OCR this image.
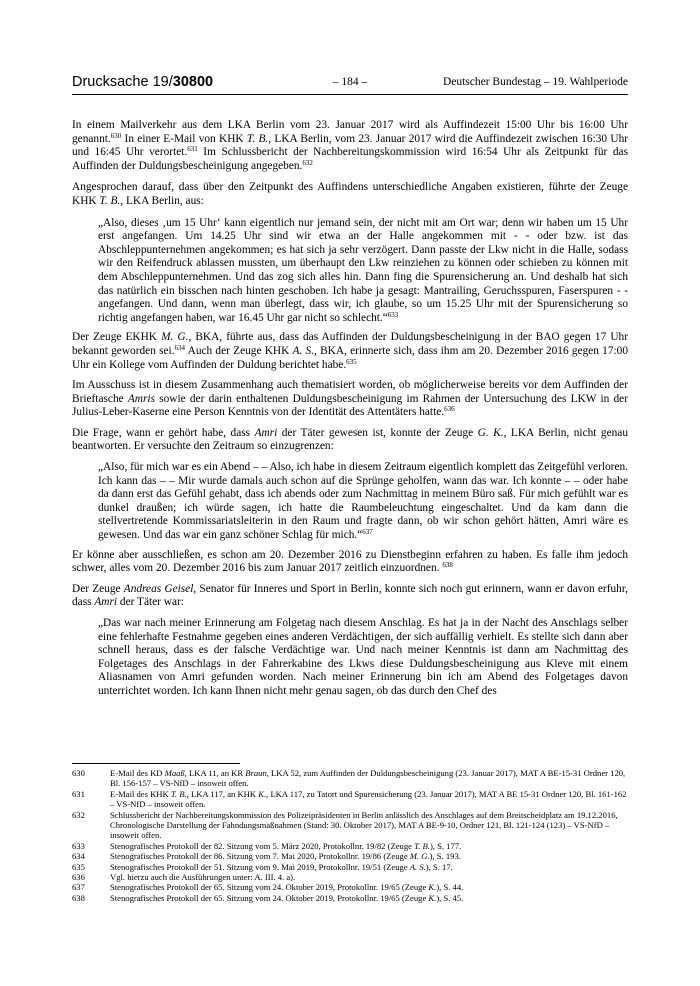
Drucksache 19/30800	– 184 –	Deutscher Bundestag – 19. Wahlperiode

In einem Mailverkehr aus dem LKA Berlin vom 23. Januar 2017 wird als Auffindezeit 15:00 Uhr bis 16:00 Uhr genannt.$^{630}$ In einer E-Mail von KHK T. B., LKA Berlin, vom 23. Januar 2017 wird die Auffindezeit zwischen 16:30 Uhr und 16:45 Uhr verortet.$^{631}$ Im Schlussbericht der Nachbereitungskommission wird 16:54 Uhr als Zeitpunkt für das Auffinden der Duldungsbescheinigung angegeben.$^{632}$

Angesprochen darauf, dass über den Zeitpunkt des Auffindens unterschiedliche Angaben existieren, führte der Zeuge KHK T. B., LKA Berlin, aus:

„Also, dieses ‚um 15 Uhr‘ kann eigentlich nur jemand sein, der nicht mit am Ort war; denn wir haben um 15 Uhr erst angefangen. Um 14.25 Uhr sind wir etwa an der Halle angekommen mit - - oder bzw. ist das Abschleppunternehmen angekommen; es hat sich ja sehr verzögert. Dann passte der Lkw nicht in die Halle, sodass wir den Reifendruck ablassen mussten, um überhaupt den Lkw reinziehen zu können oder schieben zu können mit dem Abschleppunternehmen. Und das zog sich alles hin. Dann fing die Spurensicherung an. Und deshalb hat sich das natürlich ein bisschen nach hinten geschoben. Ich habe ja gesagt: Mantrailing, Geruchsspuren, Faserspuren - - angefangen. Und dann, wenn man überlegt, dass wir, ich glaube, so um 15.25 Uhr mit der Spurensicherung so richtig angefangen haben, war 16.45 Uhr gar nicht so schlecht.“$^{633}$

Der Zeuge EKHK M. G., BKA, führte aus, dass das Auffinden der Duldungsbescheinigung in der BAO gegen 17 Uhr bekannt geworden sei.$^{634}$ Auch der Zeuge KHK A. S., BKA, erinnerte sich, dass ihm am 20. Dezember 2016 gegen 17:00 Uhr ein Kollege vom Auffinden der Duldung berichtet habe.$^{635}$

Im Ausschuss ist in diesem Zusammenhang auch thematisiert worden, ob möglicherweise bereits vor dem Auffinden der Brieftasche Amris sowie der darin enthaltenen Duldungsbescheinigung im Rahmen der Untersuchung des LKW in der Julius-Leber-Kaserne eine Person Kenntnis von der Identität des Attentäters hatte.$^{636}$

Die Frage, wann er gehört habe, dass Amri der Täter gewesen ist, konnte der Zeuge G. K., LKA Berlin, nicht genau beantworten. Er versuchte den Zeitraum so einzugrenzen:

„Also, für mich war es ein Abend – – Also, ich habe in diesem Zeitraum eigentlich komplett das Zeitgefühl verloren. Ich kann das – – Mir wurde damals auch schon auf die Sprünge geholfen, wann das war. Ich konnte – – oder habe da dann erst das Gefühl gehabt, dass ich abends oder zum Nachmittag in meinem Büro saß. Für mich gefühlt war es dunkel draußen; ich würde sagen, ich hatte die Raumbeleuchtung eingeschaltet. Und da kam dann die stellvertretende Kommissariatsleiterin in den Raum und fragte dann, ob wir schon gehört hätten, Amri wäre es gewesen. Und das war ein ganz schöner Schlag für mich.“$^{637}$

Er könne aber ausschließen, es schon am 20. Dezember 2016 zu Dienstbeginn erfahren zu haben. Es falle ihm jedoch schwer, alles vom 20. Dezember 2016 bis zum Januar 2017 zeitlich einzuordnen. $^{638}$

Der Zeuge Andreas Geisel, Senator für Inneres und Sport in Berlin, konnte sich noch gut erinnern, wann er davon erfuhr, dass Amri der Täter war:

„Das war nach meiner Erinnerung am Folgetag nach diesem Anschlag. Es hat ja in der Nacht des Anschlags selber eine fehlerhafte Festnahme gegeben eines anderen Verdächtigen, der sich auffällig verhielt. Es stellte sich dann aber schnell heraus, dass es der falsche Verdächtige war. Und nach meiner Kenntnis ist dann am Nachmittag des Folgetages des Anschlags in der Fahrerkabine des Lkws diese Duldungsbescheinigung aus Kleve mit einem Aliasnamen von Amri gefunden worden. Nach meiner Erinnerung bin ich am Abend des Folgetages davon unterrichtet worden. Ich kann Ihnen nicht mehr genau sagen, ob das durch den Chef des

630	E-Mail des KD Maaß, LKA 11, an KR Braun, LKA 52, zum Auffinden der Duldungsbescheinigung (23. Januar 2017), MAT A BE-15-31 Ordner 120, Bl. 156-157 – VS-NfD – insoweit offen.
631	E-Mail des KHK T. B., LKA 117, an KHK K., LKA 117, zu Tatort und Spurensicherung (23. Januar 2017), MAT A BE 15-31 Ordner 120, Bl. 161-162 – VS-NfD – insoweit offen.
632	Schlussbericht der Nachbereitungskommission des Polizeipräsidenten in Berlin anlässlich des Anschlages auf dem Breitscheidplatz am 19.12.2016, Chronologische Darstellung der Fahndungsmaßnahmen (Stand: 30. Oktober 2017), MAT A BE-9-10, Ordner 121, Bl. 121-124 (123) – VS-NfD – insoweit offen.
633	Stenografisches Protokoll der 82. Sitzung vom 5. März 2020, Protokollnr. 19/82 (Zeuge T. B.), S. 177.
634	Stenografisches Protokoll der 86. Sitzung vom 7. Mai 2020, Protokollnr. 19/86 (Zeuge M. G.), S. 193.
635	Stenografisches Protokoll der 51. Sitzung vom 9. Mai 2019, Protokollnr. 19/51 (Zeuge A. S.), S. 17.
636	Vgl. hierzu auch die Ausführungen unter: A. III. 4. a).
637	Stenografisches Protokoll der 65. Sitzung vom 24. Oktober 2019, Protokollnr. 19/65 (Zeuge K.), S. 44.
638	Stenografisches Protokoll der 65. Sitzung vom 24. Oktober 2019, Protokollnr. 19/65 (Zeuge K.), S. 45.
